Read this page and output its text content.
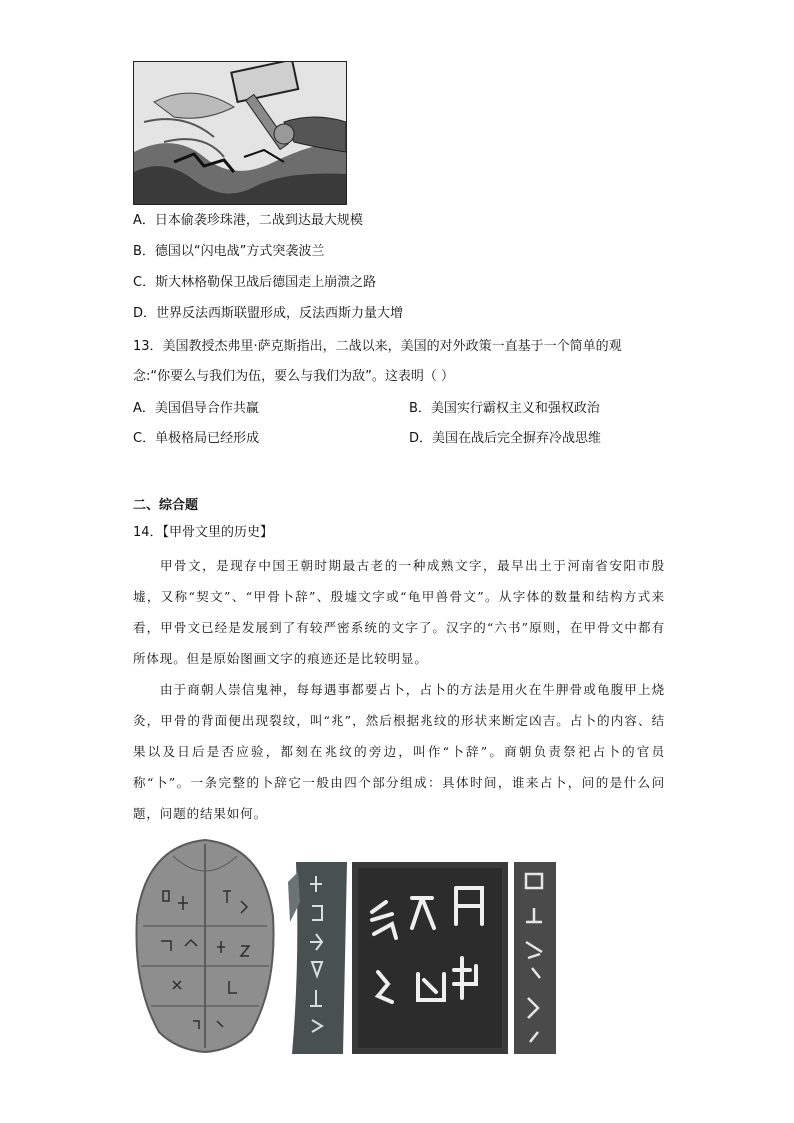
A．日本偷袭珍珠港，二战到达最大规模
B．德国以“闪电战”方式突袭波兰
C．斯大林格勒保卫战后德国走上崩溃之路
D．世界反法西斯联盟形成，反法西斯力量大增
13．美国教授杰弗里·萨克斯指出，二战以来，美国的对外政策一直基于一个简单的观
念:“你要么与我们为伍，要么与我们为敌”。这表明（ ）
A．美国倡导合作共赢	B．美国实行霸权主义和强权政治
C．单极格局已经形成	D．美国在战后完全摒弃冷战思维
二、综合题
14．【甲骨文里的历史】
甲骨文，是现存中国王朝时期最古老的一种成熟文字，最早出土于河南省安阳市殷墟，又称“契文”、“甲骨卜辞”、殷墟文字或“龟甲兽骨文”。从字体的数量和结构方式来看，甲骨文已经是发展到了有较严密系统的文字了。汉字的“六书”原则，在甲骨文中都有所体现。但是原始图画文字的痕迹还是比较明显。
由于商朝人崇信鬼神，每每遇事都要占卜，占卜的方法是用火在牛胛骨或龟腹甲上烧灸，甲骨的背面便出现裂纹，叫“兆”，然后根据兆纹的形状来断定凶吉。占卜的内容、结果以及日后是否应验，都刻在兆纹的旁边，叫作“卜辞”。商朝负责祭祀占卜的官员称“卜”。一条完整的卜辞它一般由四个部分组成：具体时间，谁来占卜，问的是什么问题，问题的结果如何。
